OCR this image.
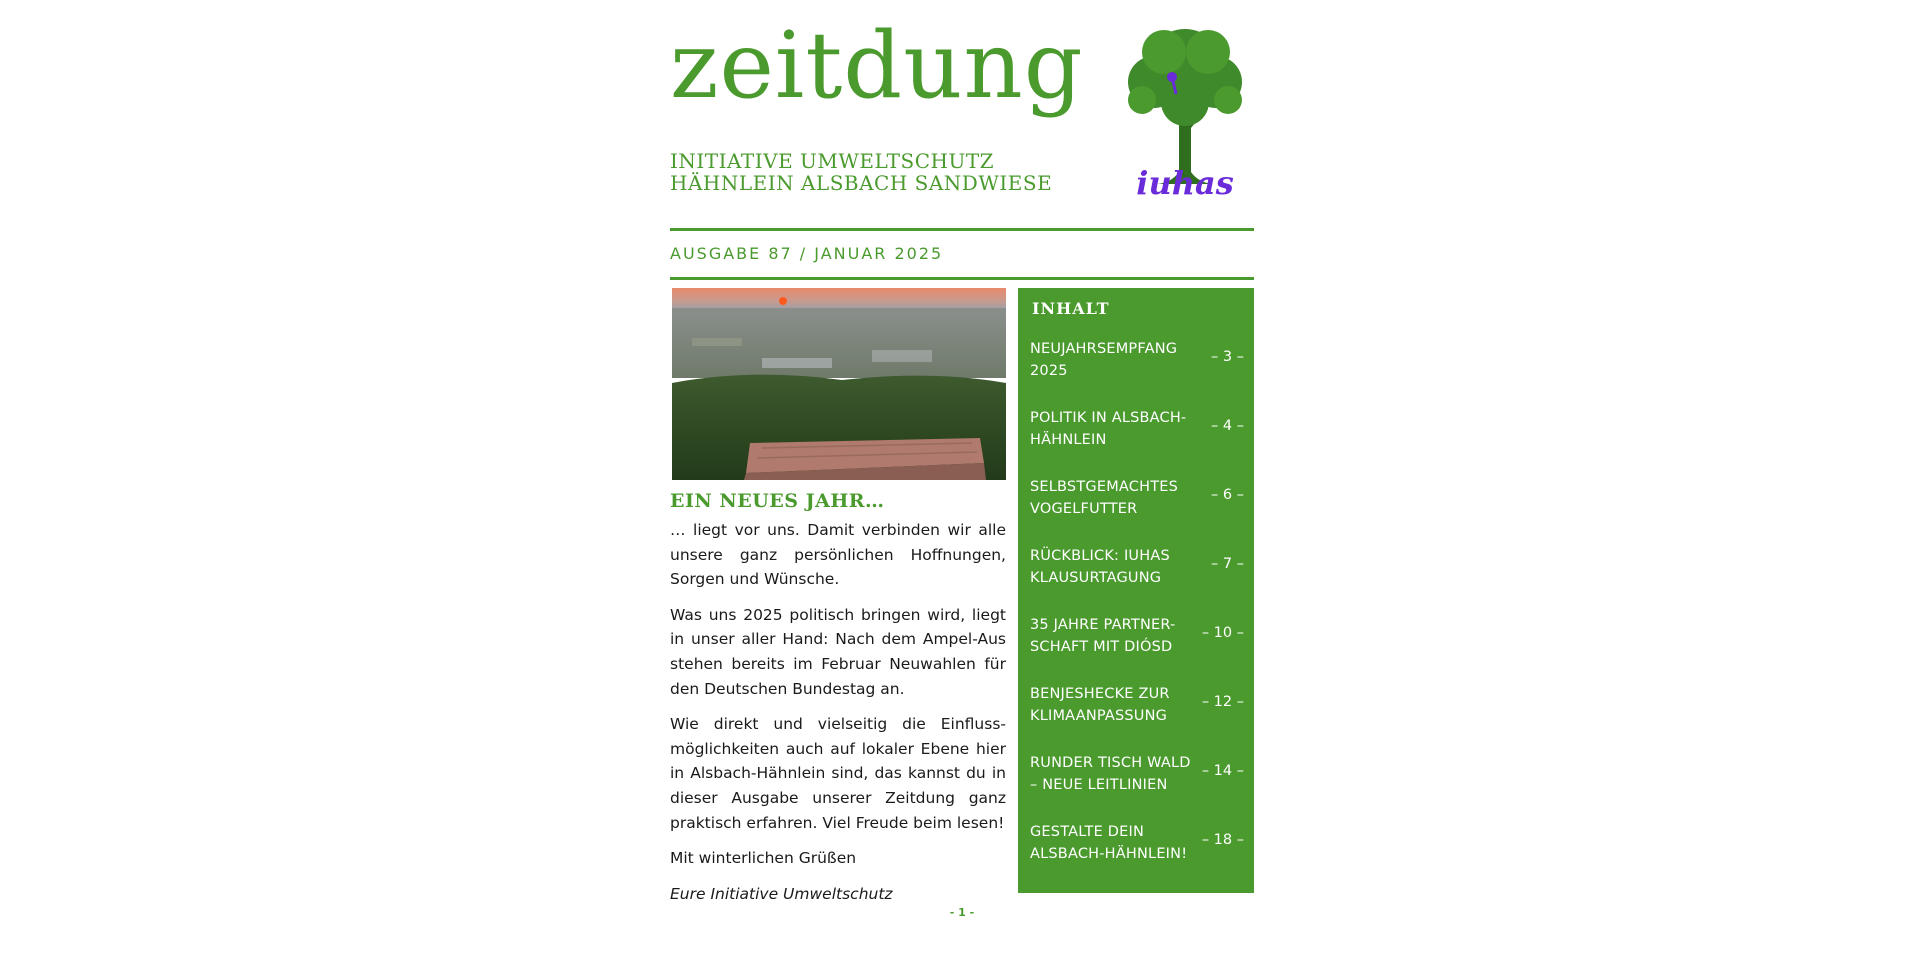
zeitdung
INITIATIVE UMWELTSCHUTZ
HÄHNLEIN ALSBACH SANDWIESE	iuhas
AUSGABE 87 / JANUAR 2025
EIN NEUES JAHR…

… liegt vor uns. Damit verbinden wir alle unsere ganz persönlichen Hoffnungen, Sorgen und Wünsche.

Was uns 2025 politisch bringen wird, liegt in unser aller Hand: Nach dem Ampel-Aus stehen bereits im Februar Neuwahlen für den Deutschen Bundestag an.

Wie direkt und vielseitig die Einfluss-möglichkeiten auch auf lokaler Ebene hier in Alsbach-Hähnlein sind, das kannst du in dieser Ausgabe unserer Zeitdung ganz praktisch erfahren. Viel Freude beim lesen!

Mit winterlichen Grüßen

Eure Initiative Umweltschutz

INHALT
NEUJAHRSEMPFANG 2025
– 3 –
POLITIK IN ALSBACH-HÄHNLEIN
– 4 –
SELBSTGEMACHTES VOGELFUTTER
– 6 –
RÜCKBLICK: IUHAS KLAUSURTAGUNG
– 7 –
35 JAHRE PARTNER-SCHAFT MIT DIÓSD
– 10 –
BENJESHECKE ZUR KLIMAANPASSUNG
– 12 –
RUNDER TISCH WALD – NEUE LEITLINIEN
– 14 –
GESTALTE DEIN ALSBACH-HÄHNLEIN!
– 18 –
- 1 -
